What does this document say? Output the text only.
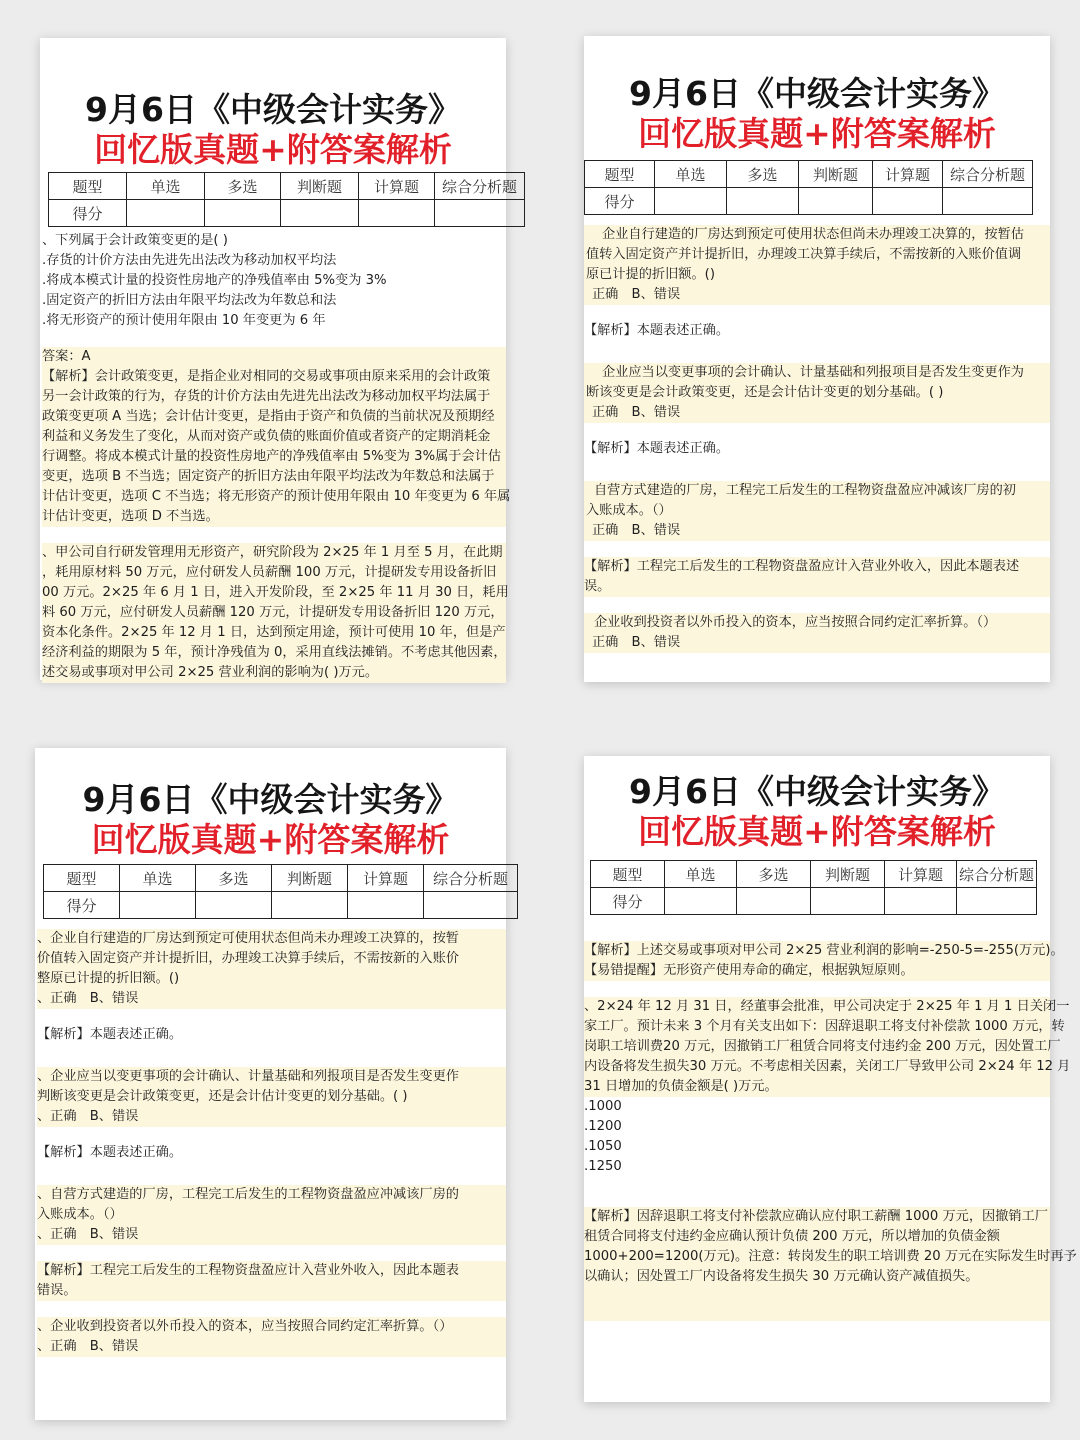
9月6日《中级会计实务》
回忆版真题+附答案解析
题型	单选	多选	判断题	计算题	综合分析题
得分					
、下列属于会计政策变更的是( )
.存货的计价方法由先进先出法改为移动加权平均法
.将成本模式计量的投资性房地产的净残值率由 5%变为 3%
.固定资产的折旧方法由年限平均法改为年数总和法
.将无形资产的预计使用年限由 10 年变更为 6 年
答案：A
【解析】会计政策变更，是指企业对相同的交易或事项由原来采用的会计政策
另一会计政策的行为，存货的计价方法由先进先出法改为移动加权平均法属于
政策变更项 A 当选；会计估计变更，是指由于资产和负债的当前状况及预期经
利益和义务发生了变化，从而对资产或负债的账面价值或者资产的定期消耗金
行调整。将成本模式计量的投资性房地产的净残值率由 5%变为 3%属于会计估
变更，选项 B 不当选；固定资产的折旧方法由年限平均法改为年数总和法属于
计估计变更，选项 C 不当选；将无形资产的预计使用年限由 10 年变更为 6 年属
计估计变更，选项 D 不当选。
、甲公司自行研发管理用无形资产，研究阶段为 2×25 年 1 月至 5 月，在此期
，耗用原材料 50 万元，应付研发人员薪酬 100 万元，计提研发专用设备折旧
00 万元。2×25 年 6 月 1 日，进入开发阶段，至 2×25 年 11 月 30 日，耗用
料 60 万元，应付研发人员薪酬 120 万元，计提研发专用设备折旧 120 万元，
资本化条件。2×25 年 12 月 1 日，达到预定用途，预计可使用 10 年，但是产
经济利益的期限为 5 年，预计净残值为 0，采用直线法摊销。不考虑其他因素，
述交易或事项对甲公司 2×25 营业利润的影响为( )万元。
9月6日《中级会计实务》
回忆版真题+附答案解析
题型	单选	多选	判断题	计算题	综合分析题
得分					
企业自行建造的厂房达到预定可使用状态但尚未办理竣工决算的，按暂估
值转入固定资产并计提折旧，办理竣工决算手续后，不需按新的入账价值调
原已计提的折旧额。()
正确　B、错误
【解析】本题表述正确。
企业应当以变更事项的会计确认、计量基础和列报项目是否发生变更作为
断该变更是会计政策变更，还是会计估计变更的划分基础。( )
正确　B、错误
【解析】本题表述正确。
自营方式建造的厂房，工程完工后发生的工程物资盘盈应冲减该厂房的初
入账成本。（）
正确　B、错误
【解析】工程完工后发生的工程物资盘盈应计入营业外收入，因此本题表述
误。
企业收到投资者以外币投入的资本，应当按照合同约定汇率折算。（）
正确　B、错误
9月6日《中级会计实务》
回忆版真题+附答案解析
题型	单选	多选	判断题	计算题	综合分析题
得分					
、企业自行建造的厂房达到预定可使用状态但尚未办理竣工决算的，按暂
价值转入固定资产并计提折旧，办理竣工决算手续后，不需按新的入账价
整原已计提的折旧额。()
、正确　B、错误
【解析】本题表述正确。
、企业应当以变更事项的会计确认、计量基础和列报项目是否发生变更作
判断该变更是会计政策变更，还是会计估计变更的划分基础。( )
、正确　B、错误
【解析】本题表述正确。
、自营方式建造的厂房，工程完工后发生的工程物资盘盈应冲减该厂房的
入账成本。（）
、正确　B、错误
【解析】工程完工后发生的工程物资盘盈应计入营业外收入，因此本题表
错误。
、企业收到投资者以外币投入的资本，应当按照合同约定汇率折算。（）
、正确　B、错误
9月6日《中级会计实务》
回忆版真题+附答案解析
题型	单选	多选	判断题	计算题	综合分析题
得分					
【解析】上述交易或事项对甲公司 2×25 营业利润的影响=-250-5=-255(万元)。
【易错提醒】无形资产使用寿命的确定，根据孰短原则。
、2×24 年 12 月 31 日，经董事会批准，甲公司决定于 2×25 年 1 月 1 日关闭一
家工厂。预计未来 3 个月有关支出如下：因辞退职工将支付补偿款 1000 万元，转
岗职工培训费20 万元，因撤销工厂租赁合同将支付违约金 200 万元，因处置工厂
内设备将发生损失30 万元。不考虑相关因素，关闭工厂导致甲公司 2×24 年 12 月
31 日增加的负债金额是( )万元。
.1000
.1200
.1050
.1250
【解析】因辞退职工将支付补偿款应确认应付职工薪酬 1000 万元，因撤销工厂
租赁合同将支付违约金应确认预计负债 200 万元，所以增加的负债金额
1000+200=1200(万元)。注意：转岗发生的职工培训费 20 万元在实际发生时再予
以确认；因处置工厂内设备将发生损失 30 万元确认资产减值损失。
